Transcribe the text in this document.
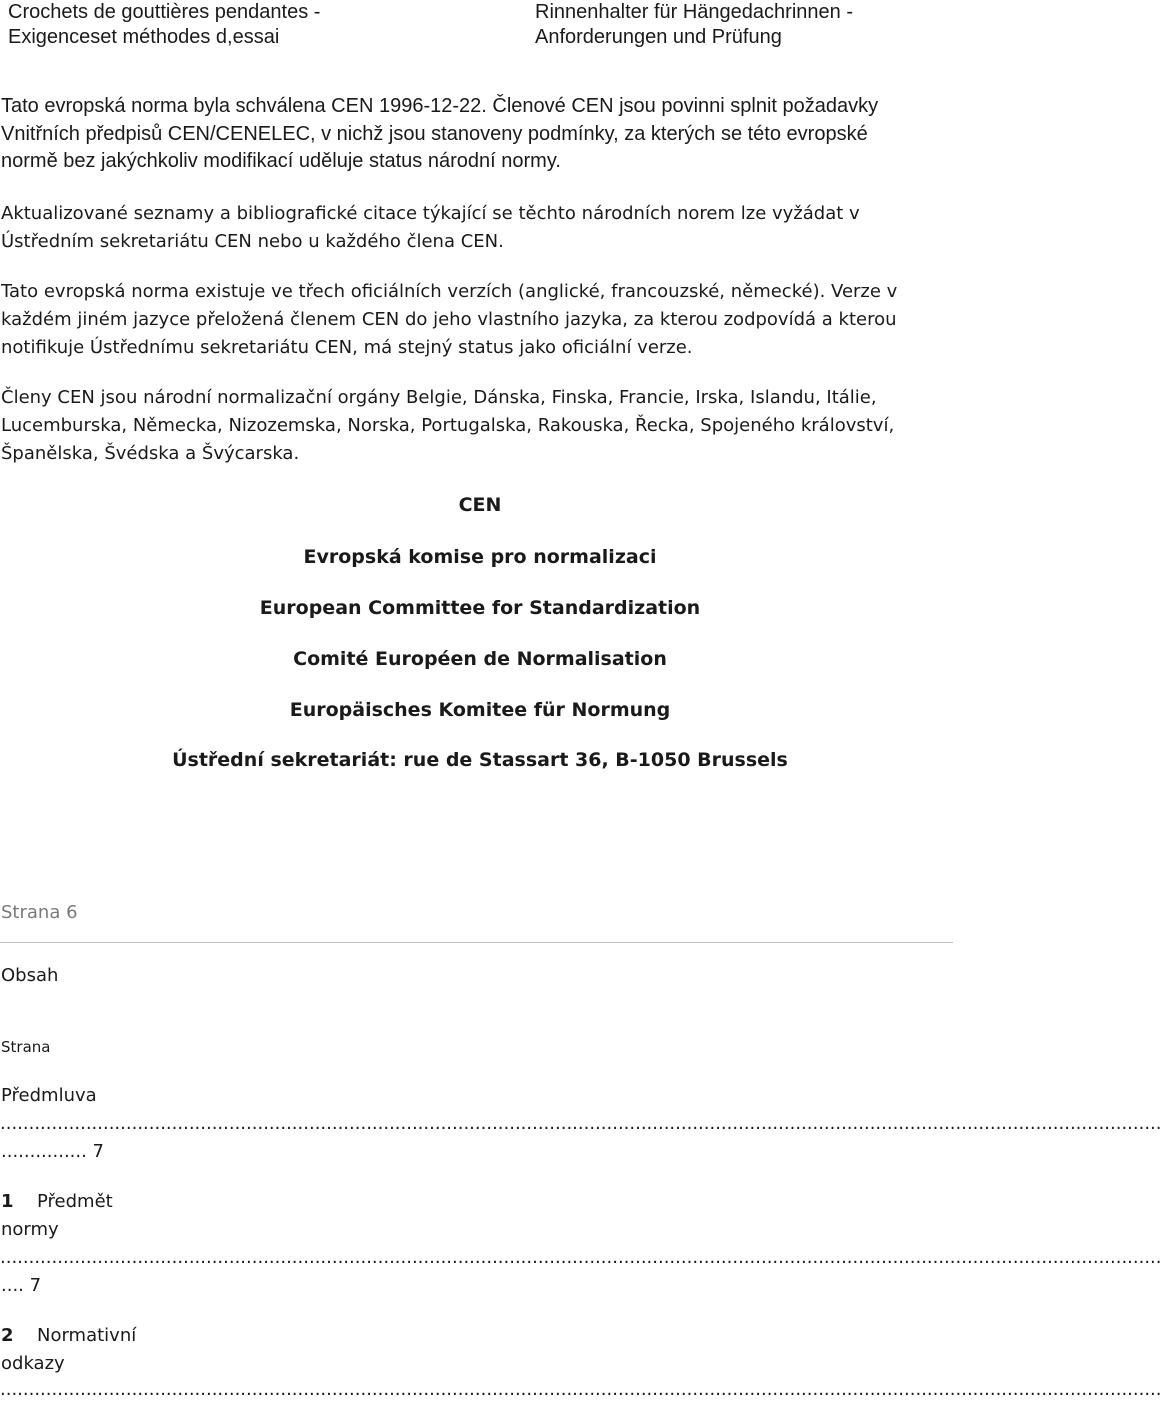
Crochets de gouttières pendantes -
Exigenceset méthodes d,essai
Rinnenhalter für Hängedachrinnen -
Anforderungen und Prüfung
Tato evropská norma byla schválena CEN 1996-12-22. Členové CEN jsou povinni splnit požadavky
Vnitřních předpisů CEN/CENELEC, v nichž jsou stanoveny podmínky, za kterých se této evropské
normě bez jakýchkoliv modifikací uděluje status národní normy.
Aktualizované seznamy a bibliografické citace týkající se těchto národních norem lze vyžádat v
Ústředním sekretariátu CEN nebo u každého člena CEN.
Tato evropská norma existuje ve třech oficiálních verzích (anglické, francouzské, německé). Verze v
každém jiném jazyce přeložená členem CEN do jeho vlastního jazyka, za kterou zodpovídá a kterou
notifikuje Ústřednímu sekretariátu CEN, má stejný status jako oficiální verze.
Členy CEN jsou národní normalizační orgány Belgie, Dánska, Finska, Francie, Irska, Islandu, Itálie,
Lucemburska, Německa, Nizozemska, Norska, Portugalska, Rakouska, Řecka, Spojeného království,
Španělska, Švédska a Švýcarska.
CEN
Evropská komise pro normalizaci
European Committee for Standardization
Comité Européen de Normalisation
Europäisches Komitee für Normung
Ústřední sekretariát: rue de Stassart 36, B-1050 Brussels
Strana 6
Obsah
Strana
Předmluva
...........................................................................................................................................................................................................
............... 7
1 Předmět
normy
...........................................................................................................................................................................................................
.... 7
2 Normativní
odkazy
...........................................................................................................................................................................................................
